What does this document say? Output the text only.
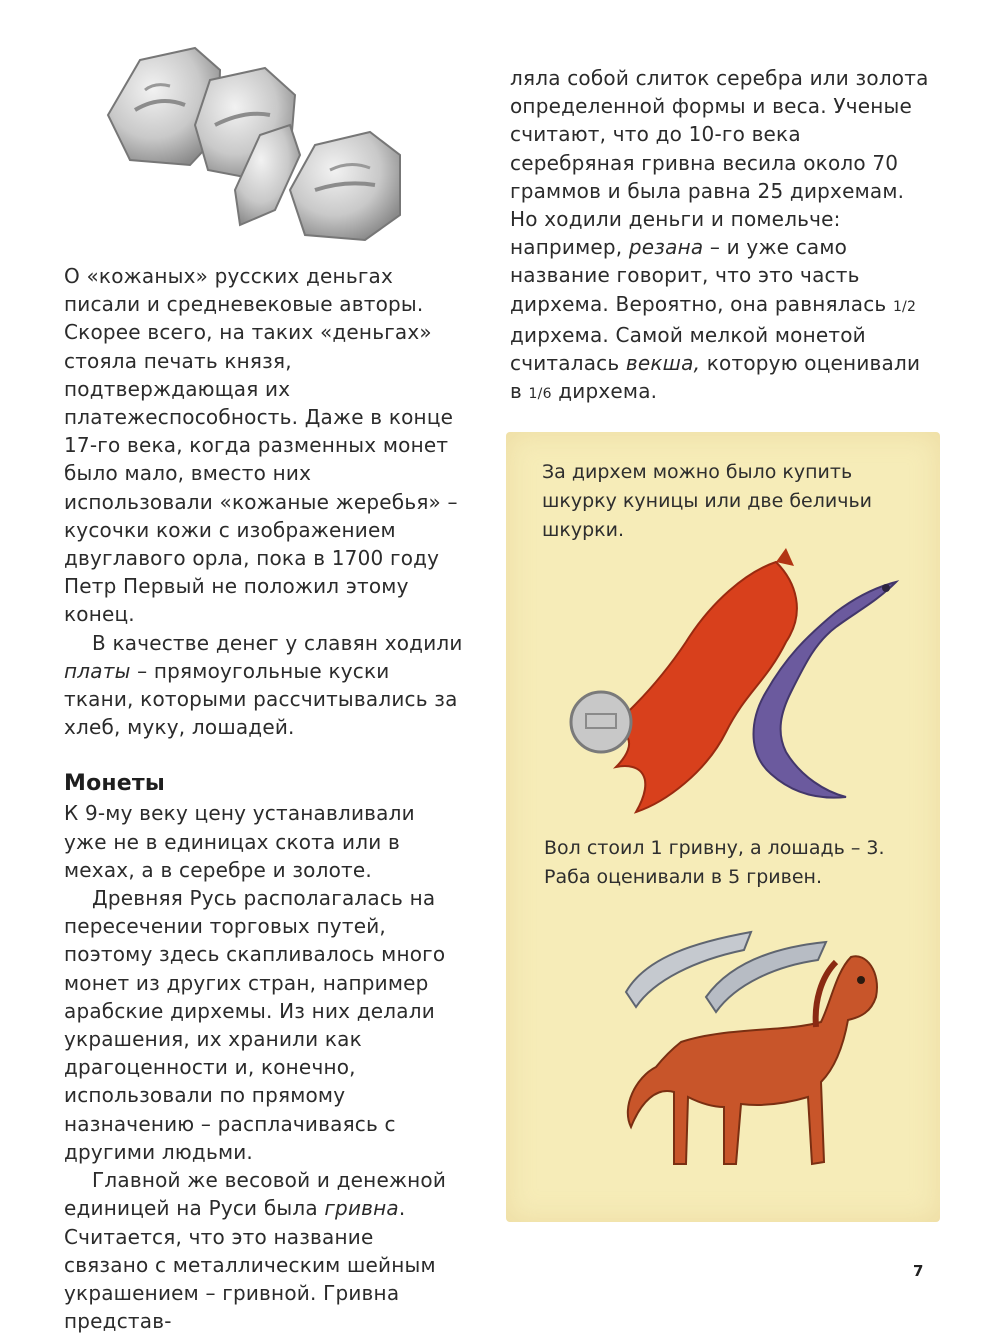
О «кожаных» русских деньгах писали и средневековые авторы. Скорее всего, на таких «деньгах» стояла печать князя, подтверждающая их платежеспособность. Даже в конце 17-го века, когда разменных монет было мало, вместо них использовали «кожаные жеребья» – кусочки кожи с изображением двуглавого орла, пока в 1700 году Петр Первый не положил этому конец.

В качестве денег у славян ходили платы – прямоугольные куски ткани, которыми рассчитывались за хлеб, муку, лошадей.

Монеты

К 9-му веку цену устанавливали уже не в единицах скота или в мехах, а в серебре и золоте.

Древняя Русь располагалась на пересечении торговых путей, поэтому здесь скапливалось много монет из других стран, например арабские дирхемы. Из них делали украшения, их хранили как драгоценности и, конечно, использовали по прямому назначению – расплачиваясь с другими людьми.

Главной же весовой и денежной единицей на Руси была гривна. Считается, что это название связано с металлическим шейным украшением – гривной. Гривна представ-

ляла собой слиток серебра или золота определенной формы и веса. Ученые считают, что до 10-го века серебряная гривна весила около 70 граммов и была равна 25 дирхемам. Но ходили деньги и помельче: например, резана – и уже само название говорит, что это часть дирхема. Вероятно, она равнялась 1/2 дирхема. Самой мелкой монетой считалась векша, которую оценивали в 1/6 дирхема.

За дирхем можно было купить шкурку куницы или две беличьи шкурки.
Вол стоил 1 гривну, а лошадь – 3. Раба оценивали в 5 гривен.
7
